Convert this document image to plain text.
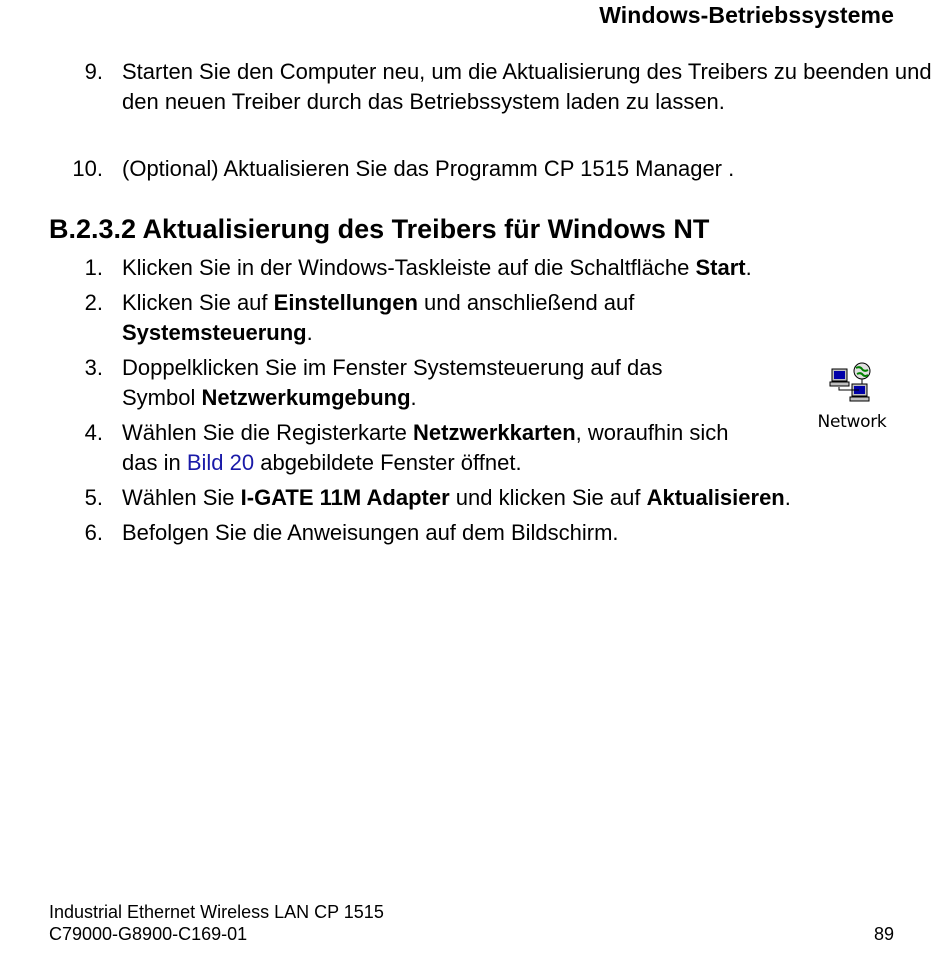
Windows-Betriebssysteme
9. Starten Sie den Computer neu, um die Aktualisierung des Treibers zu beenden und den neuen Treiber durch das Betriebssystem laden zu lassen.
10. (Optional) Aktualisieren Sie das Programm CP 1515 Manager .
B.2.3.2 Aktualisierung des Treibers für Windows NT
1. Klicken Sie in der Windows-Taskleiste auf die Schaltfläche Start.
2. Klicken Sie auf Einstellungen und anschließend auf
Systemsteuerung.
3. Doppelklicken Sie im Fenster Systemsteuerung auf das Symbol Netzwerkumgebung.
4. Wählen Sie die Registerkarte Netzwerkkarten, woraufhin sich das in Bild 20 abgebildete Fenster öffnet.
5. Wählen Sie I-GATE 11M Adapter und klicken Sie auf Aktualisieren.
6. Befolgen Sie die Anweisungen auf dem Bildschirm.
Network
Industrial Ethernet Wireless LAN CP 1515
C79000-G8900-C169-01	89
